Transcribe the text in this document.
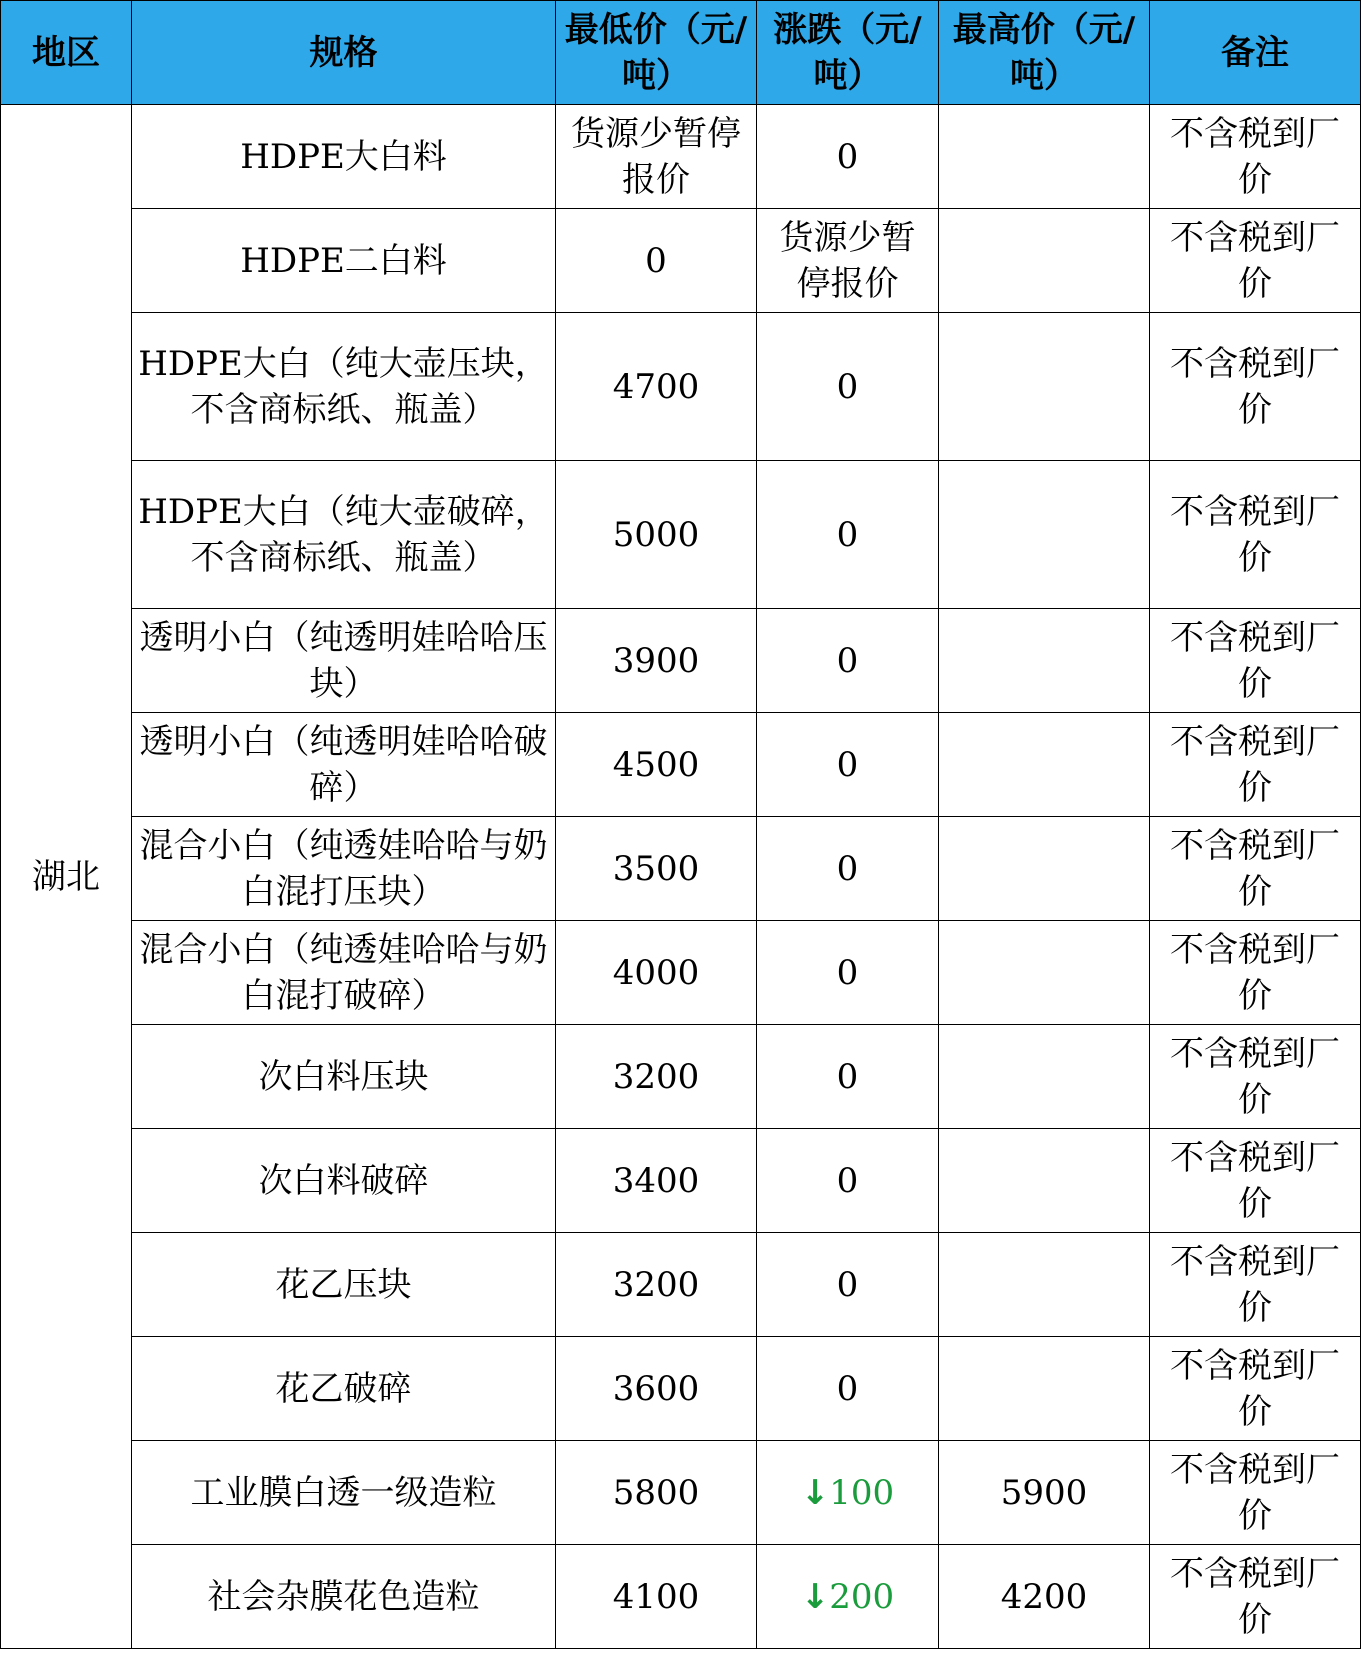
地区	规格	最低价（元/吨）	涨跌（元/吨）	最高价（元/吨）	备注
湖北	HDPE大白料	货源少暂停报价	0		不含税到厂价
	HDPE二白料	0	货源少暂停报价		不含税到厂价
	HDPE大白（纯大壶压块，不含商标纸、瓶盖）	4700	0		不含税到厂价
	HDPE大白（纯大壶破碎，不含商标纸、瓶盖）	5000	0		不含税到厂价
	透明小白（纯透明娃哈哈压块）	3900	0		不含税到厂价
	透明小白（纯透明娃哈哈破碎）	4500	0		不含税到厂价
	混合小白（纯透娃哈哈与奶白混打压块）	3500	0		不含税到厂价
	混合小白（纯透娃哈哈与奶白混打破碎）	4000	0		不含税到厂价
	次白料压块	3200	0		不含税到厂价
	次白料破碎	3400	0		不含税到厂价
	花乙压块	3200	0		不含税到厂价
	花乙破碎	3600	0		不含税到厂价
	工业膜白透一级造粒	5800	↓100	5900	不含税到厂价
	社会杂膜花色造粒	4100	↓200	4200	不含税到厂价
